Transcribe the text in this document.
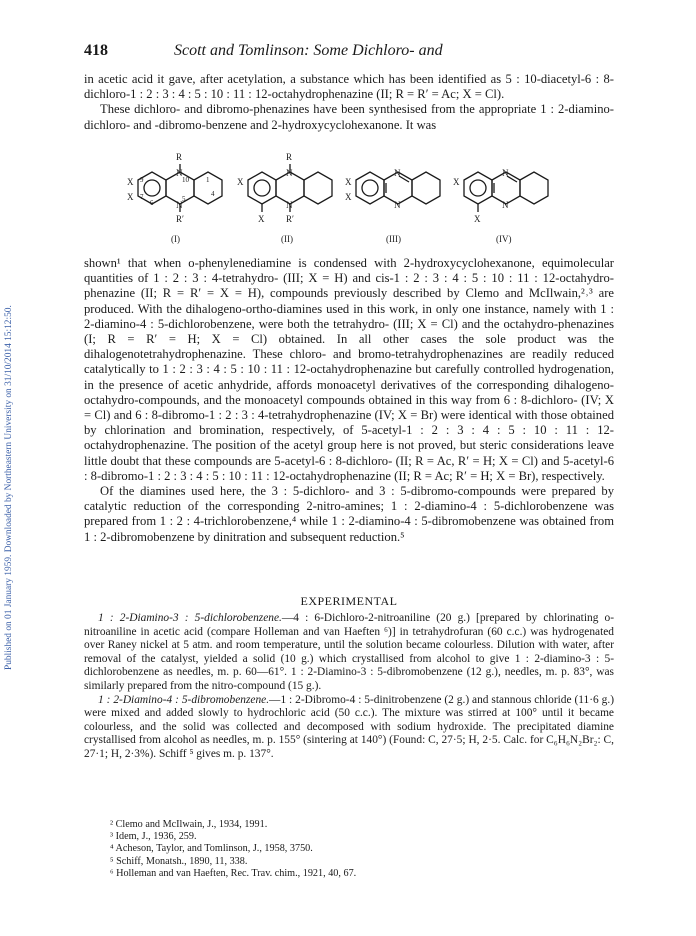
Published on 01 January 1959. Downloaded by Northeastern University on 31/10/2014 15:12:50.
418	Scott and Tomlinson: Some Dichloro- and

in acetic acid it gave, after acetylation, a substance which has been identified as 5 : 10-diacetyl-6 : 8-dichloro-1 : 2 : 3 : 4 : 5 : 10 : 11 : 12-octahydrophenazine (II; R = R′ = Ac; X = Cl).

These dichloro- and dibromo-phenazines have been synthesised from the appropriate 1 : 2-diamino-dichloro- and -dibromo-benzene and 2-hydroxycyclohexanone. It was

R
N
N
R′
X
X
10
5
9
7
6
1
4
(I)
R
N
N
R′
X
X
(II)
N
N
X
X
(III)
N
N
X
X
(IV)

shown¹ that when o-phenylenediamine is condensed with 2-hydroxycyclohexanone, equimolecular quantities of 1 : 2 : 3 : 4-tetrahydro- (III; X = H) and cis-1 : 2 : 3 : 4 : 5 : 10 : 11 : 12-octahydro-phenazine (II; R = R′ = X = H), compounds previously described by Clemo and McIlwain,²˒³ are produced. With the dihalogeno-ortho-diamines used in this work, in only one instance, namely with 1 : 2-diamino-4 : 5-dichlorobenzene, were both the tetrahydro- (III; X = Cl) and the octahydro-phenazines (I; R = R′ = H; X = Cl) obtained. In all other cases the sole product was the dihalogenotetrahydrophenazine. These chloro- and bromo-tetrahydrophenazines are readily reduced catalytically to 1 : 2 : 3 : 4 : 5 : 10 : 11 : 12-octahydrophenazine but carefully controlled hydrogenation, in the presence of acetic anhydride, affords monoacetyl derivatives of the corresponding dihalogeno-octahydro-compounds, and the monoacetyl compounds obtained in this way from 6 : 8-dichloro- (IV; X = Cl) and 6 : 8-dibromo-1 : 2 : 3 : 4-tetrahydrophenazine (IV; X = Br) were identical with those obtained by chlorination and bromination, respectively, of 5-acetyl-1 : 2 : 3 : 4 : 5 : 10 : 11 : 12-octahydrophenazine. The position of the acetyl group here is not proved, but steric considerations leave little doubt that these compounds are 5-acetyl-6 : 8-dichloro- (II; R = Ac, R′ = H; X = Cl) and 5-acetyl-6 : 8-dibromo-1 : 2 : 3 : 4 : 5 : 10 : 11 : 12-octahydrophenazine (II; R = Ac; R′ = H; X = Br), respectively.

Of the diamines used here, the 3 : 5-dichloro- and 3 : 5-dibromo-compounds were prepared by catalytic reduction of the corresponding 2-nitro-amines; 1 : 2-diamino-4 : 5-dichlorobenzene was prepared from 1 : 2 : 4-trichlorobenzene,⁴ while 1 : 2-diamino-4 : 5-dibromobenzene was obtained from 1 : 2-dibromobenzene by dinitration and subsequent reduction.⁵

EXPERIMENTAL

1 : 2-Diamino-3 : 5-dichlorobenzene.—4 : 6-Dichloro-2-nitroaniline (20 g.) [prepared by chlorinating o-nitroaniline in acetic acid (compare Holleman and van Haeften ⁶)] in tetrahydrofuran (60 c.c.) was hydrogenated over Raney nickel at 5 atm. and room temperature, until the solution became colourless. Dilution with water, after removal of the catalyst, yielded a solid (10 g.) which crystallised from alcohol to give 1 : 2-diamino-3 : 5-dichlorobenzene as needles, m. p. 60—61°. 1 : 2-Diamino-3 : 5-dibromobenzene (12 g.), needles, m. p. 83°, was similarly prepared from the nitro-compound (15 g.).

1 : 2-Diamino-4 : 5-dibromobenzene.—1 : 2-Dibromo-4 : 5-dinitrobenzene (2 g.) and stannous chloride (11·6 g.) were mixed and added slowly to hydrochloric acid (50 c.c.). The mixture was stirred at 100° until it became colourless, and the solid was collected and decomposed with sodium hydroxide. The precipitated diamine crystallised from alcohol as needles, m. p. 155° (sintering at 140°) (Found: C, 27·5; H, 2·5. Calc. for C₆H₆N₂Br₂: C, 27·1; H, 2·3%). Schiff ⁵ gives m. p. 137°.

² Clemo and McIlwain, J., 1934, 1991.
³ Idem, J., 1936, 259.
⁴ Acheson, Taylor, and Tomlinson, J., 1958, 3750.
⁵ Schiff, Monatsh., 1890, 11, 338.
⁶ Holleman and van Haeften, Rec. Trav. chim., 1921, 40, 67.
